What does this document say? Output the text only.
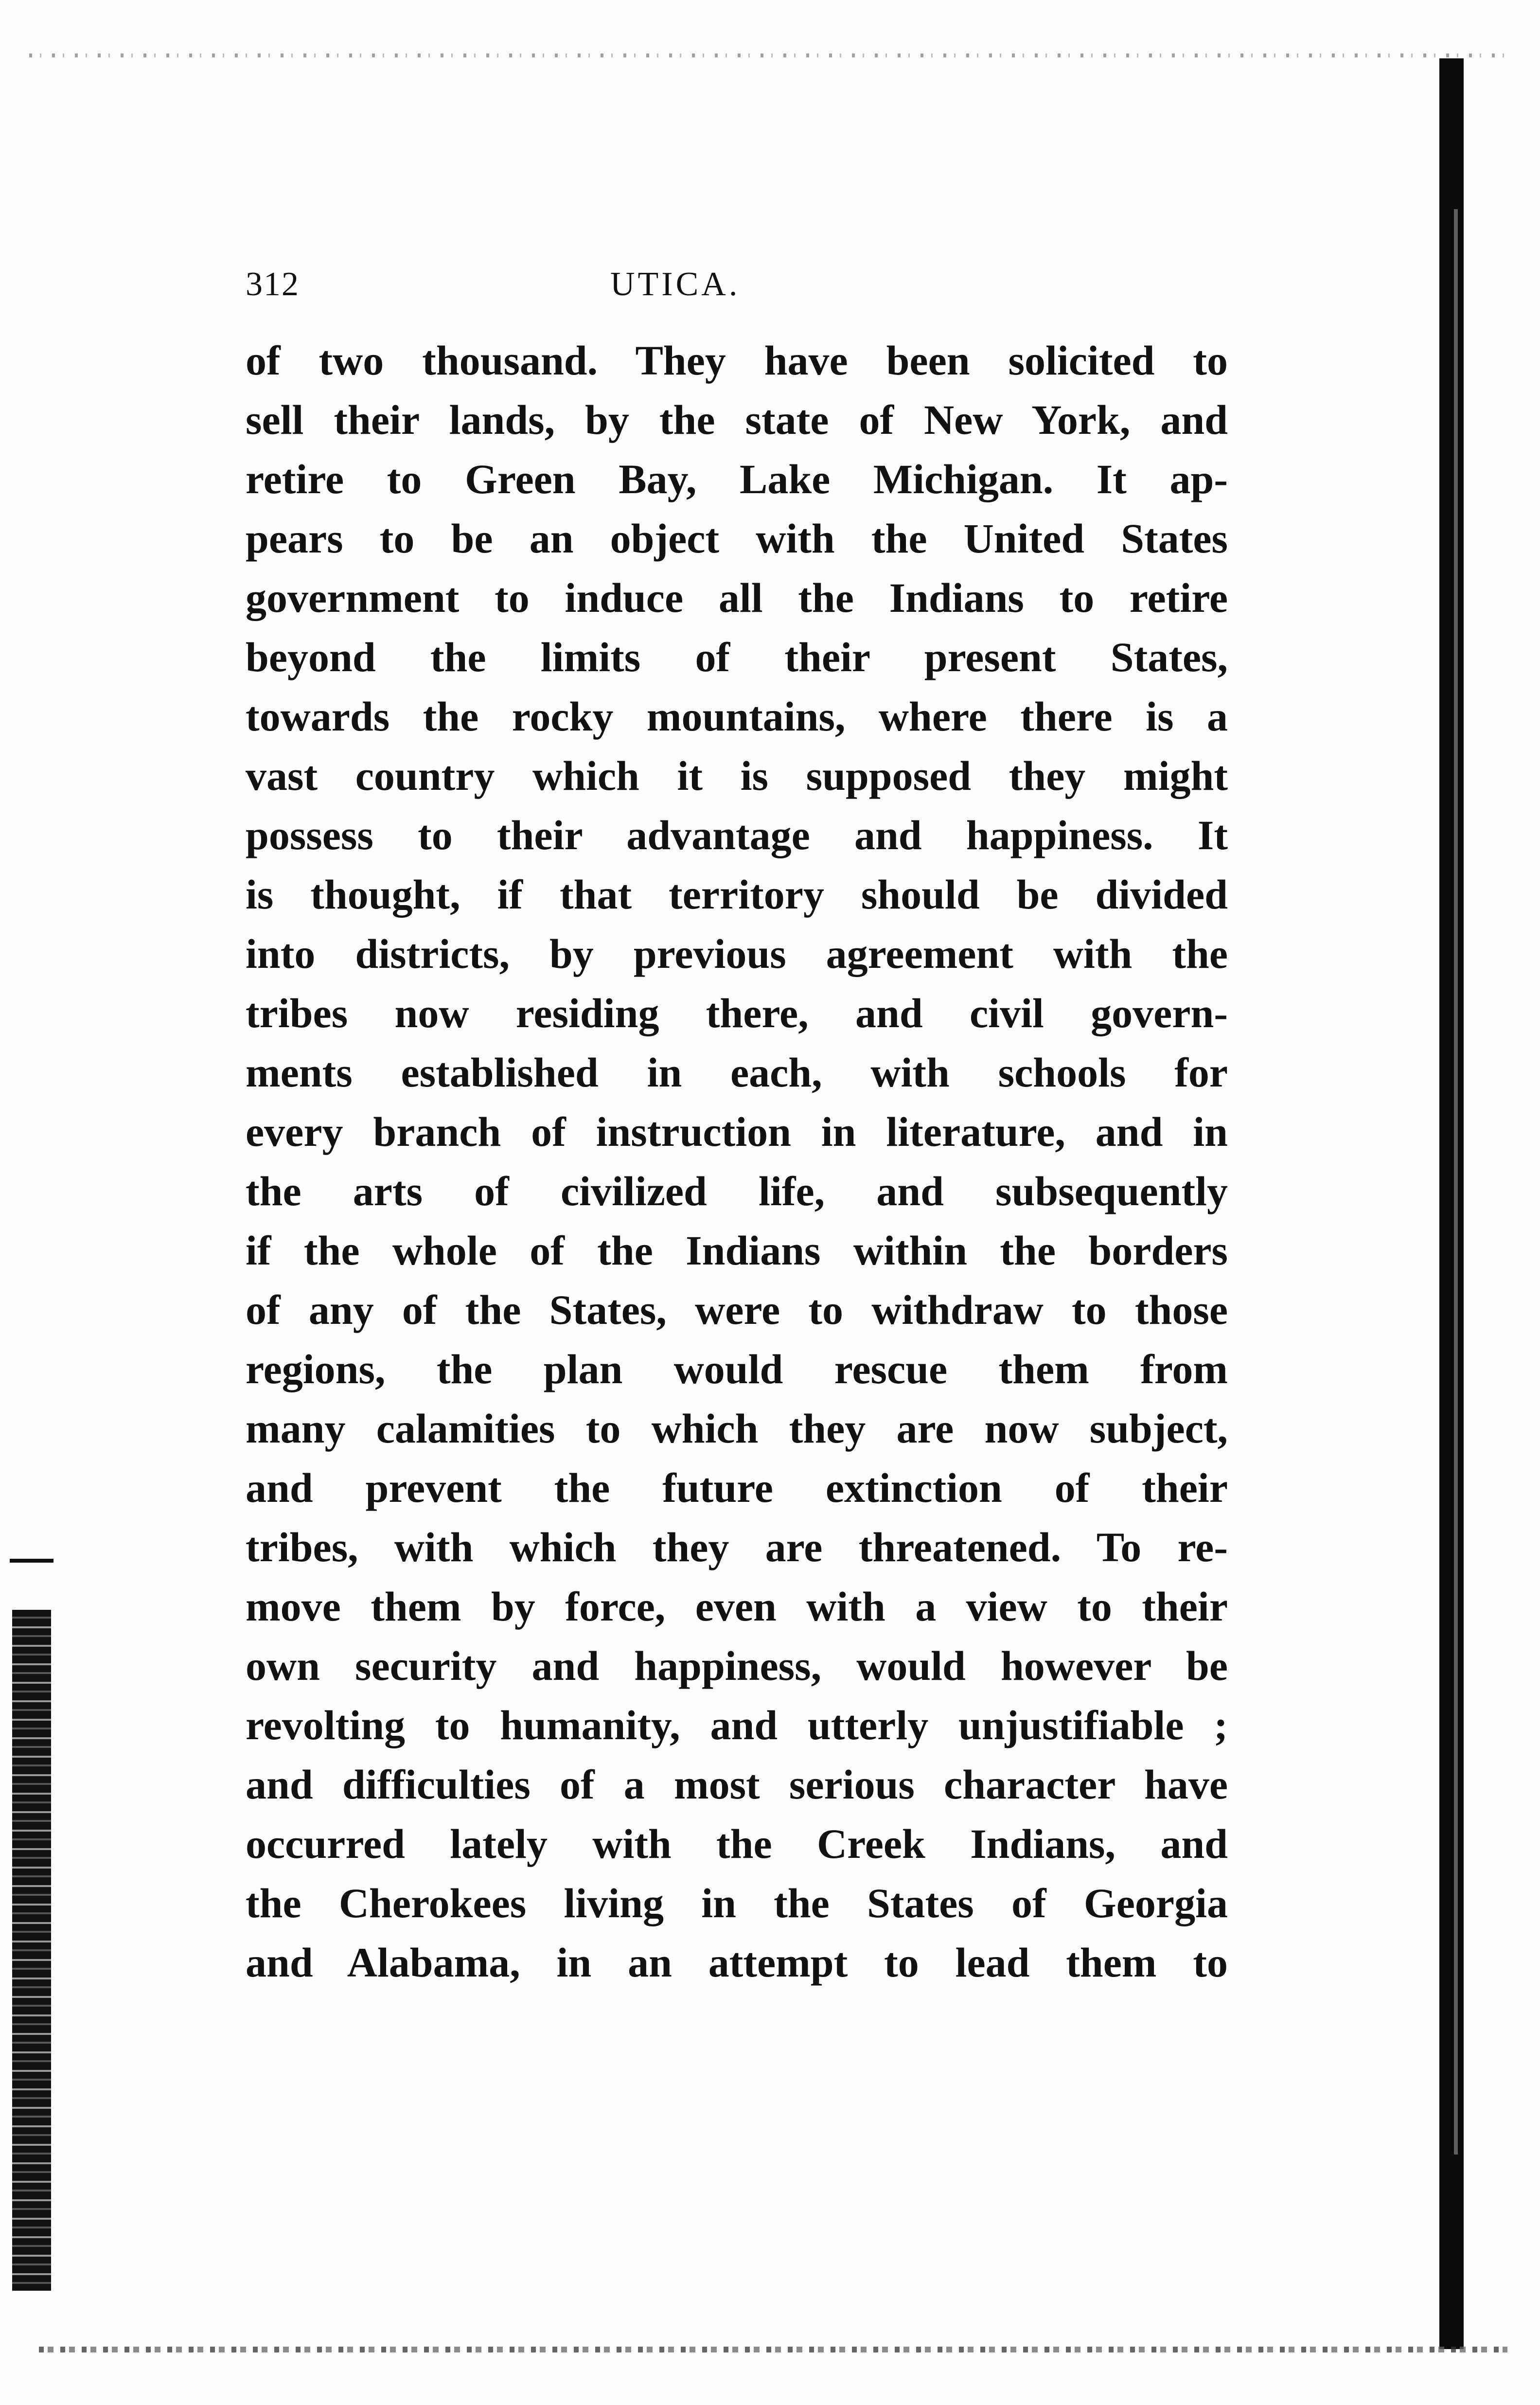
312	UTICA.
of two thousand. They have been solicited to
sell their lands, by the state of New York, and
retire to Green Bay, Lake Michigan. It ap-
pears to be an object with the United States
government to induce all the Indians to retire
beyond the limits of their present States,
towards the rocky mountains, where there is a
vast country which it is supposed they might
possess to their advantage and happiness. It
is thought, if that territory should be divided
into districts, by previous agreement with the
tribes now residing there, and civil govern-
ments established in each, with schools for
every branch of instruction in literature, and in
the arts of civilized life, and subsequently
if the whole of the Indians within the borders
of any of the States, were to withdraw to those
regions, the plan would rescue them from
many calamities to which they are now subject,
and prevent the future extinction of their
tribes, with which they are threatened. To re-
move them by force, even with a view to their
own security and happiness, would however be
revolting to humanity, and utterly unjustifiable ;
and difficulties of a most serious character have
occurred lately with the Creek Indians, and
the Cherokees living in the States of Georgia
and Alabama, in an attempt to lead them to
